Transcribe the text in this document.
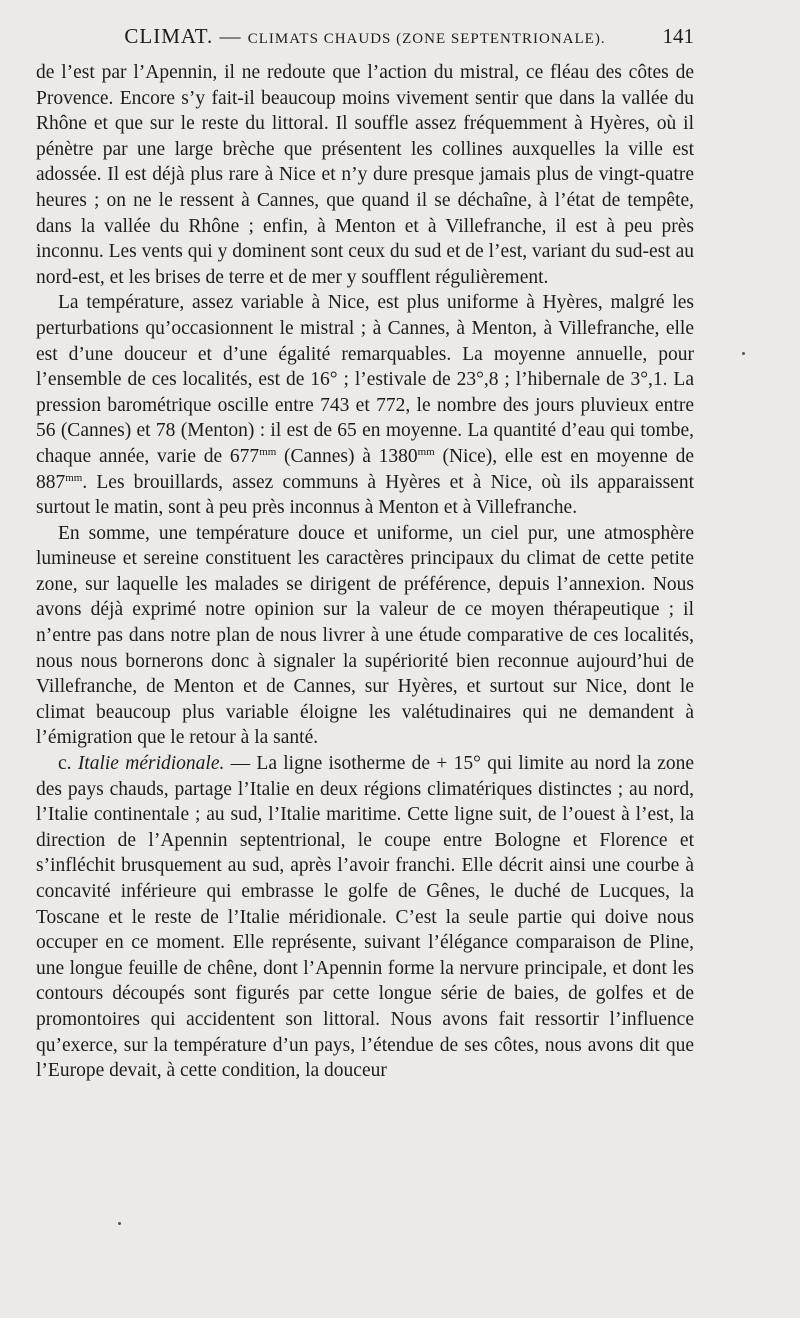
CLIMAT. — CLIMATS CHAUDS (ZONE SEPTENTRIONALE).	141

de l’est par l’Apennin, il ne redoute que l’action du mistral, ce fléau des côtes de Provence. Encore s’y fait-il beaucoup moins vivement sentir que dans la vallée du Rhône et que sur le reste du littoral. Il souffle assez fréquemment à Hyères, où il pénètre par une large brèche que présentent les collines auxquelles la ville est adossée. Il est déjà plus rare à Nice et n’y dure presque jamais plus de vingt-quatre heures ; on ne le ressent à Cannes, que quand il se déchaîne, à l’état de tempête, dans la vallée du Rhône ; enfin, à Menton et à Villefranche, il est à peu près inconnu. Les vents qui y dominent sont ceux du sud et de l’est, variant du sud-est au nord-est, et les brises de terre et de mer y soufflent régulièrement.

La température, assez variable à Nice, est plus uniforme à Hyères, malgré les perturbations qu’occasionnent le mistral ; à Cannes, à Menton, à Villefranche, elle est d’une douceur et d’une égalité remarquables. La moyenne annuelle, pour l’ensemble de ces localités, est de 16° ; l’estivale de 23°,8 ; l’hibernale de 3°,1. La pression barométrique oscille entre 743 et 772, le nombre des jours pluvieux entre 56 (Cannes) et 78 (Menton) : il est de 65 en moyenne. La quantité d’eau qui tombe, chaque année, varie de $677^{mm}$ (Cannes) à $1380^{mm}$ (Nice), elle est en moyenne de $887^{mm}$. Les brouillards, assez communs à Hyères et à Nice, où ils apparaissent surtout le matin, sont à peu près inconnus à Menton et à Villefranche.

En somme, une température douce et uniforme, un ciel pur, une atmosphère lumineuse et sereine constituent les caractères principaux du climat de cette petite zone, sur laquelle les malades se dirigent de préférence, depuis l’annexion. Nous avons déjà exprimé notre opinion sur la valeur de ce moyen thérapeutique ; il n’entre pas dans notre plan de nous livrer à une étude comparative de ces localités, nous nous bornerons donc à signaler la supériorité bien reconnue aujourd’hui de Villefranche, de Menton et de Cannes, sur Hyères, et surtout sur Nice, dont le climat beaucoup plus variable éloigne les valétudinaires qui ne demandent à l’émigration que le retour à la santé.

c. Italie méridionale. — La ligne isotherme de + 15° qui limite au nord la zone des pays chauds, partage l’Italie en deux régions climatériques distinctes ; au nord, l’Italie continentale ; au sud, l’Italie maritime. Cette ligne suit, de l’ouest à l’est, la direction de l’Apennin septentrional, le coupe entre Bologne et Florence et s’infléchit brusquement au sud, après l’avoir franchi. Elle décrit ainsi une courbe à concavité inférieure qui embrasse le golfe de Gênes, le duché de Lucques, la Toscane et le reste de l’Italie méridionale. C’est la seule partie qui doive nous occuper en ce moment. Elle représente, suivant l’élégance comparaison de Pline, une longue feuille de chêne, dont l’Apennin forme la nervure principale, et dont les contours découpés sont figurés par cette longue série de baies, de golfes et de promontoires qui accidentent son littoral. Nous avons fait ressortir l’influence qu’exerce, sur la température d’un pays, l’étendue de ses côtes, nous avons dit que l’Europe devait, à cette condition, la douceur
